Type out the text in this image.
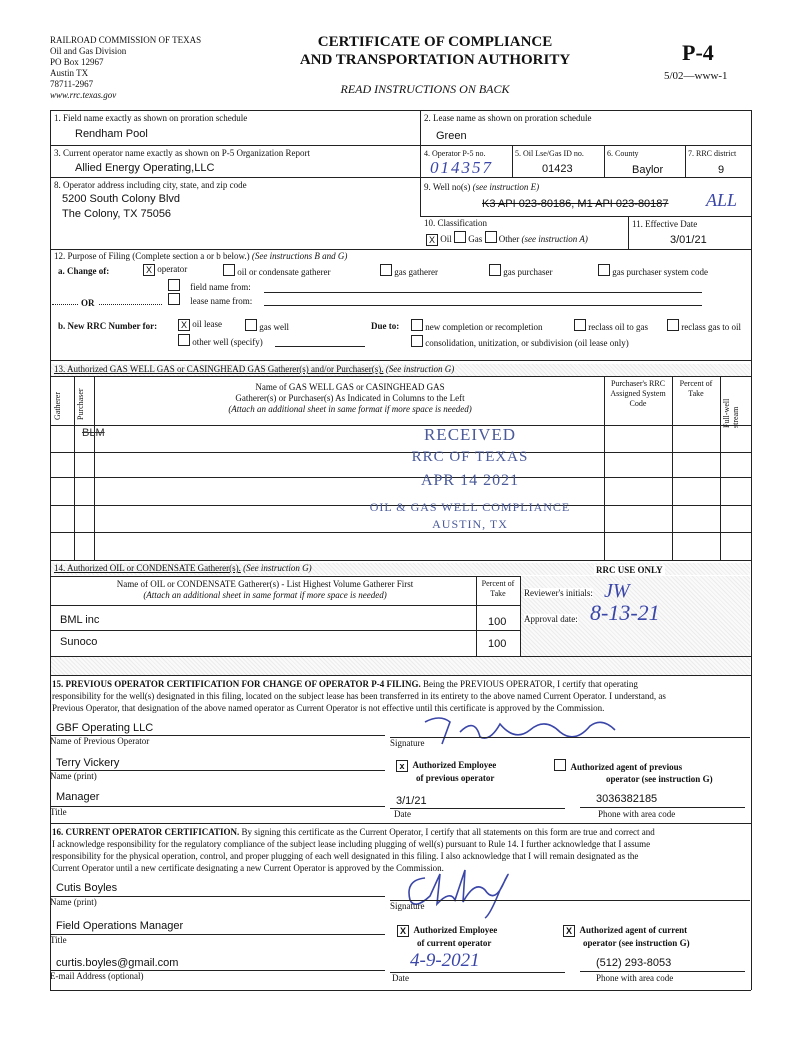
RAILROAD COMMISSION OF TEXAS
Oil and Gas Division
PO Box 12967
Austin TX
78711-2967
www.rrc.texas.gov
CERTIFICATE OF COMPLIANCE
AND TRANSPORTATION AUTHORITY
READ INSTRUCTIONS ON BACK
P-4
5/02—www-1
1. Field name exactly as shown on proration schedule
Rendham Pool
2. Lease name as shown on proration schedule
Green
3. Current operator name exactly as shown on P-5 Organization Report
Allied Energy Operating,LLC
4. Operator P-5 no.
014357
5. Oil Lse/Gas ID no.
01423
6. County
Baylor
7. RRC district
9
8. Operator address including city, state, and zip code
5200 South Colony Blvd
The Colony, TX 75056
9. Well no(s) (see instruction E)
K3 API 023-80186, M1 API 023-80187 ALL
10. Classification
X Oil Gas Other (see instruction A)
11. Effective Date
3/01/21
12. Purpose of Filing (Complete section a or b below.) (See instructions B and G)
a. Change of:	X operator	oil or condensate gatherer	gas gatherer	gas purchaser	gas purchaser system code
field name from:
lease name from:
OR
b. New RRC Number for:	X oil lease	gas well
other well (specify)
Due to:	new completion or recompletion	reclass oil to gas	reclass gas to oil
consolidation, unitization, or subdivision (oil lease only)
13. Authorized GAS WELL GAS or CASINGHEAD GAS Gatherer(s) and/or Purchaser(s). (See instruction G)
Gatherer Purchaser
Name of GAS WELL GAS or CASINGHEAD GAS
Gatherer(s) or Purchaser(s) As Indicated in Columns to the Left
(Attach an additional sheet in same format if more space is needed)
Purchaser's RRC Assigned System Code
Percent of Take
Full-well stream
BLM	RECEIVED
RRC OF TEXAS
APR 14 2021
OIL & GAS WELL COMPLIANCE
AUSTIN, TX
14. Authorized OIL or CONDENSATE Gatherer(s). (See instruction G)	RRC USE ONLY
Name of OIL or CONDENSATE Gatherer(s) - List Highest Volume Gatherer First
(Attach an additional sheet in same format if more space is needed)
Percent of Take	Reviewer's initials: JW
Approval date: 8-13-21
BML inc	100
Sunoco	100
15. PREVIOUS OPERATOR CERTIFICATION FOR CHANGE OF OPERATOR P-4 FILING. Being the PREVIOUS OPERATOR, I certify that operating
responsibility for the well(s) designated in this filing, located on the subject lease has been transferred in its entirety to the above named Current Operator. I understand, as
Previous Operator, that designation of the above named operator as Current Operator is not effective until this certificate is approved by the Commission.
GBF Operating LLC
Name of Previous Operator	Signature
Terry Vickery
Name (print)
x Authorized Employee
of previous operator
Authorized agent of previous
operator (see instruction G)
Manager
Title
3/1/21
Date
3036382185
Phone with area code
16. CURRENT OPERATOR CERTIFICATION. By signing this certificate as the Current Operator, I certify that all statements on this form are true and correct and
I acknowledge responsibility for the regulatory compliance of the subject lease including plugging of well(s) pursuant to Rule 14. I further acknowledge that I assume
responsibility for the physical operation, control, and proper plugging of each well designated in this filing. I also acknowledge that I will remain designated as the
Current Operator until a new certificate designating a new Current Operator is approved by the Commission.
Cutis Boyles
Name (print)	Signature
Field Operations Manager
Title
X Authorized Employee
of current operator
X Authorized agent of current
operator (see instruction G)
curtis.boyles@gmail.com
E-mail Address (optional)
4-9-2021
Date
(512) 293-8053
Phone with area code
